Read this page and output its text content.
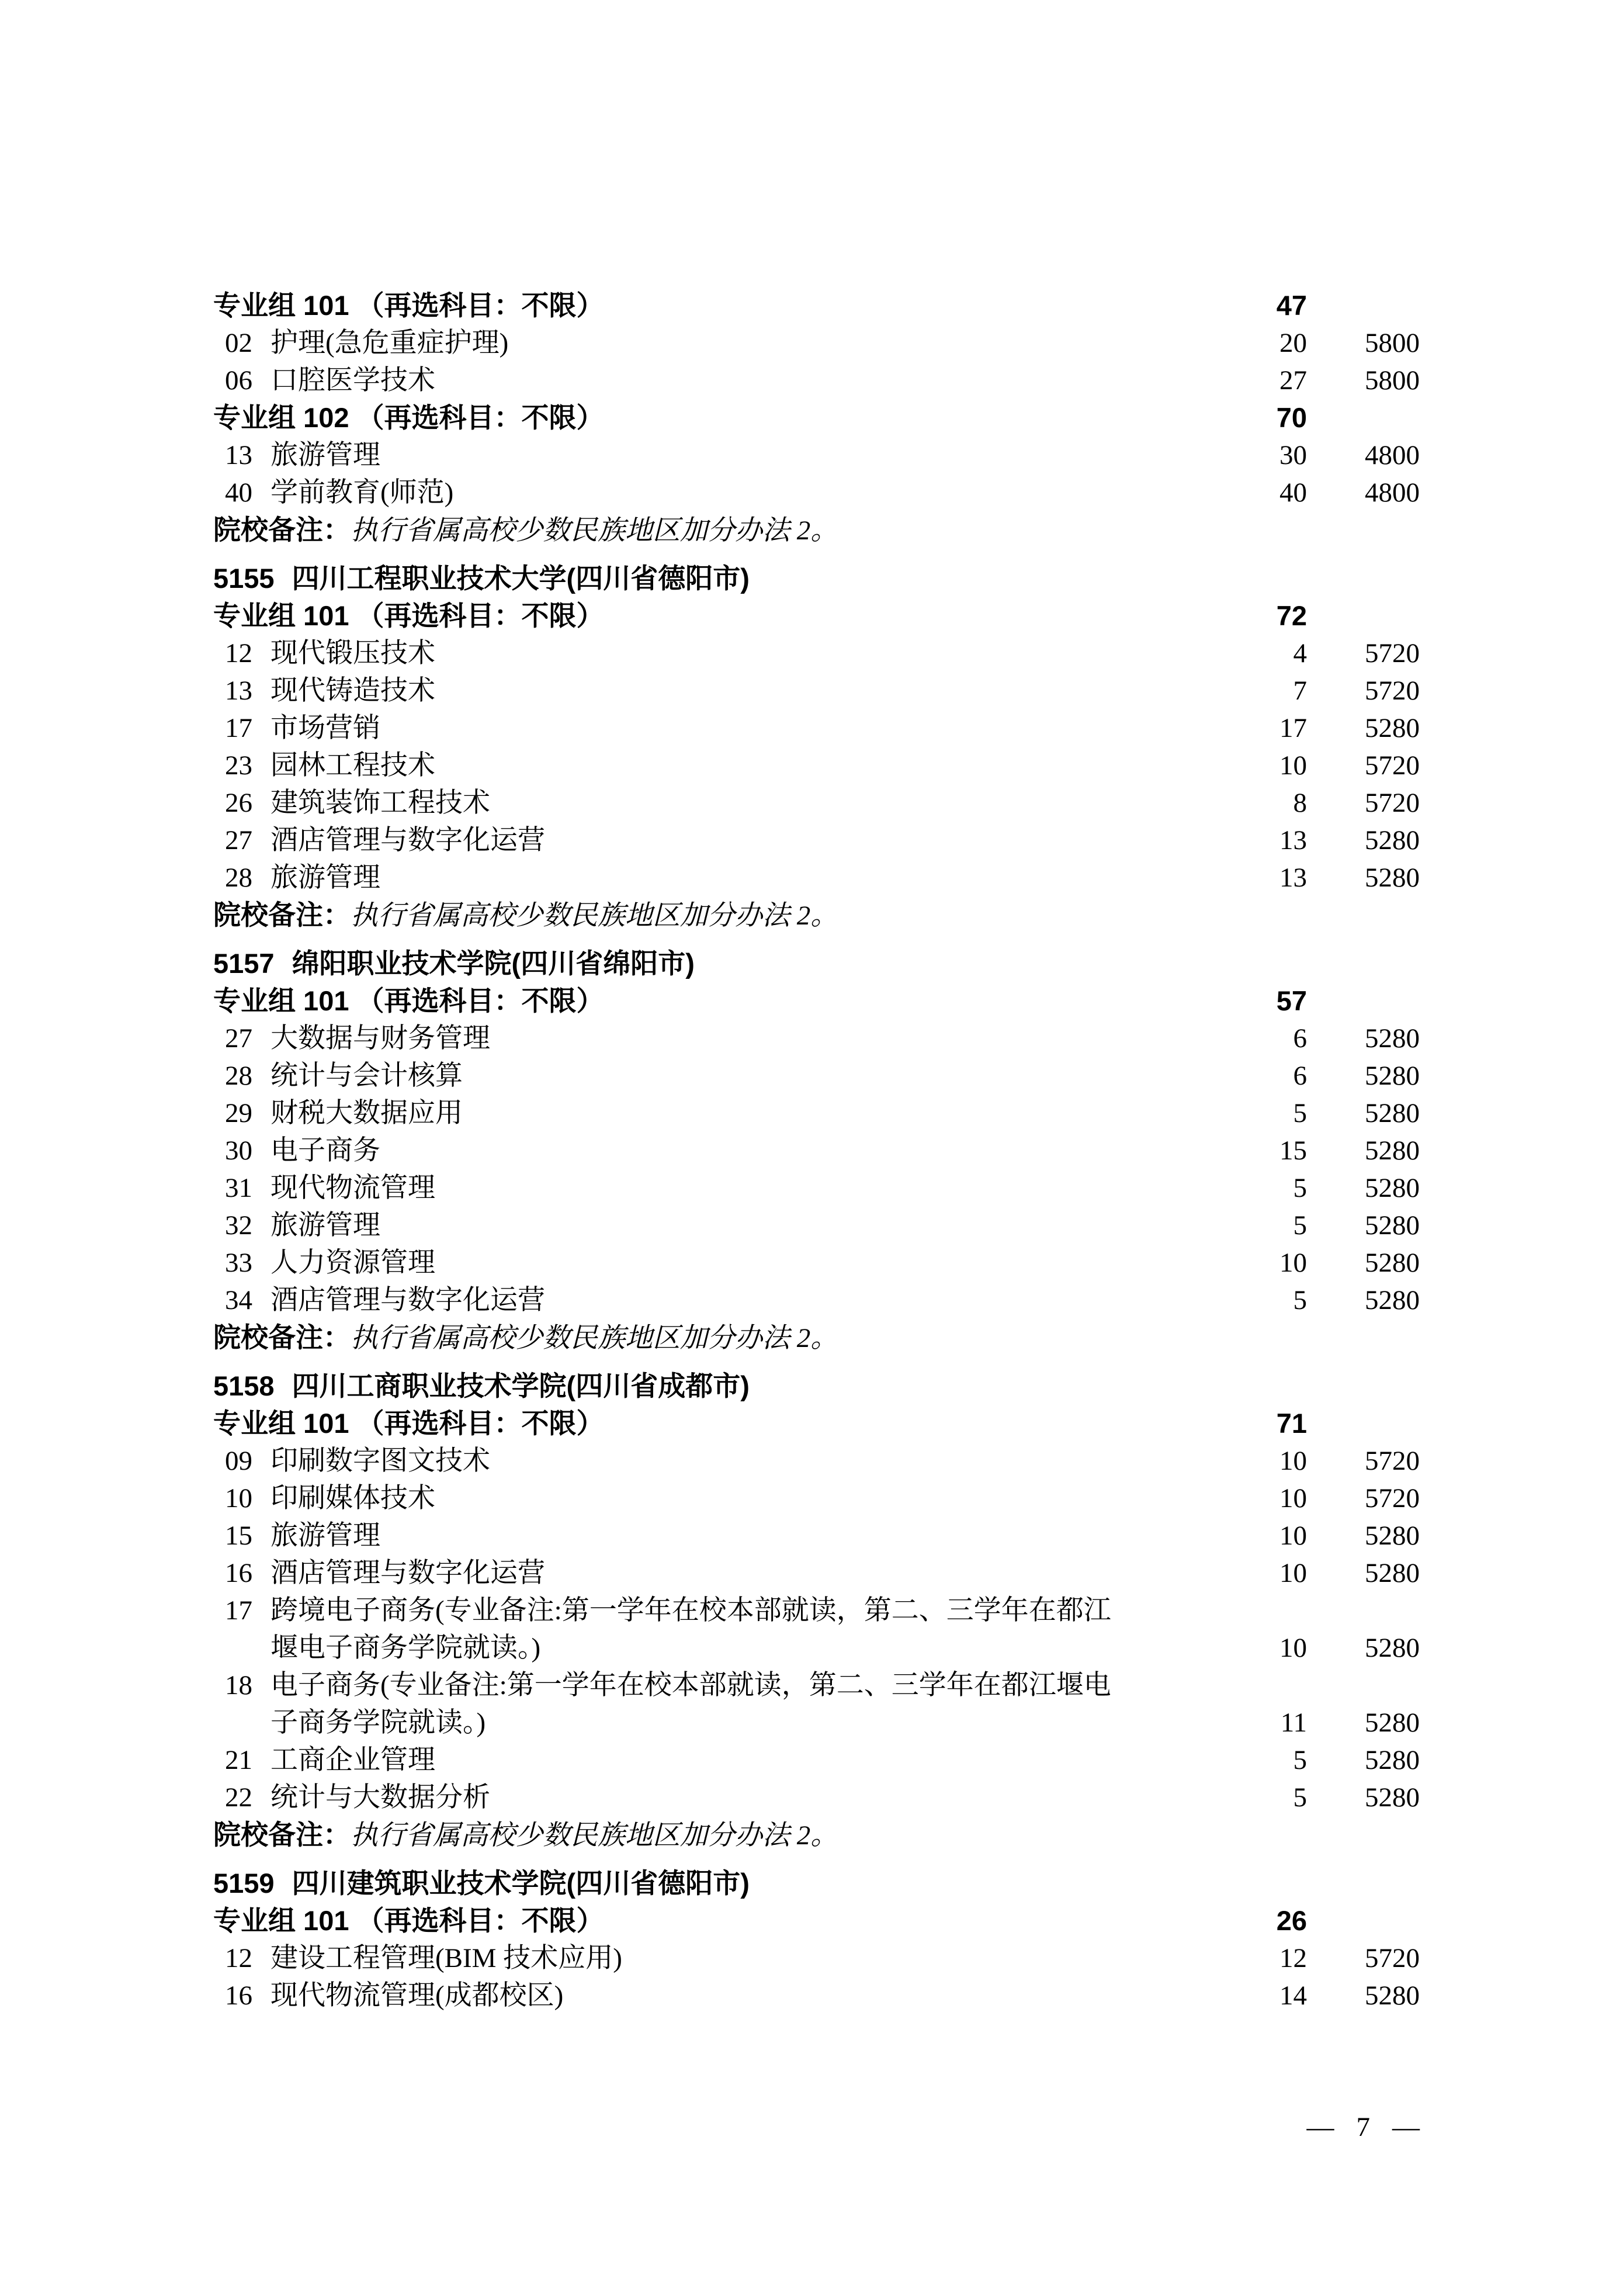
专业组 101 （再选科目：不限）	47
02 护理(急危重症护理)	20 5800
06 口腔医学技术	27 5800
专业组 102 （再选科目：不限）	70
13 旅游管理	30 4800
40 学前教育(师范)	40 4800
院校备注：执行省属高校少数民族地区加分办法 2。
5155 四川工程职业技术大学(四川省德阳市)
专业组 101 （再选科目：不限）	72
12 现代锻压技术	4 5720
13 现代铸造技术	7 5720
17 市场营销	17 5280
23 园林工程技术	10 5720
26 建筑装饰工程技术	8 5720
27 酒店管理与数字化运营	13 5280
28 旅游管理	13 5280
院校备注：执行省属高校少数民族地区加分办法 2。
5157 绵阳职业技术学院(四川省绵阳市)
专业组 101 （再选科目：不限）	57
27 大数据与财务管理	6 5280
28 统计与会计核算	6 5280
29 财税大数据应用	5 5280
30 电子商务	15 5280
31 现代物流管理	5 5280
32 旅游管理	5 5280
33 人力资源管理	10 5280
34 酒店管理与数字化运营	5 5280
院校备注：执行省属高校少数民族地区加分办法 2。
5158 四川工商职业技术学院(四川省成都市)
专业组 101 （再选科目：不限）	71
09 印刷数字图文技术	10 5720
10 印刷媒体技术	10 5720
15 旅游管理	10 5280
16 酒店管理与数字化运营	10 5280
17 跨境电子商务(专业备注:第一学年在校本部就读，第二、三学年在都江堰电子商务学院就读。)	10 5280
18 电子商务(专业备注:第一学年在校本部就读，第二、三学年在都江堰电子商务学院就读。)	11 5280
21 工商企业管理	5 5280
22 统计与大数据分析	5 5280
院校备注：执行省属高校少数民族地区加分办法 2。
5159 四川建筑职业技术学院(四川省德阳市)
专业组 101 （再选科目：不限）	26
12 建设工程管理(BIM 技术应用)	12 5720
16 现代物流管理(成都校区)	14 5280
— 7 —
